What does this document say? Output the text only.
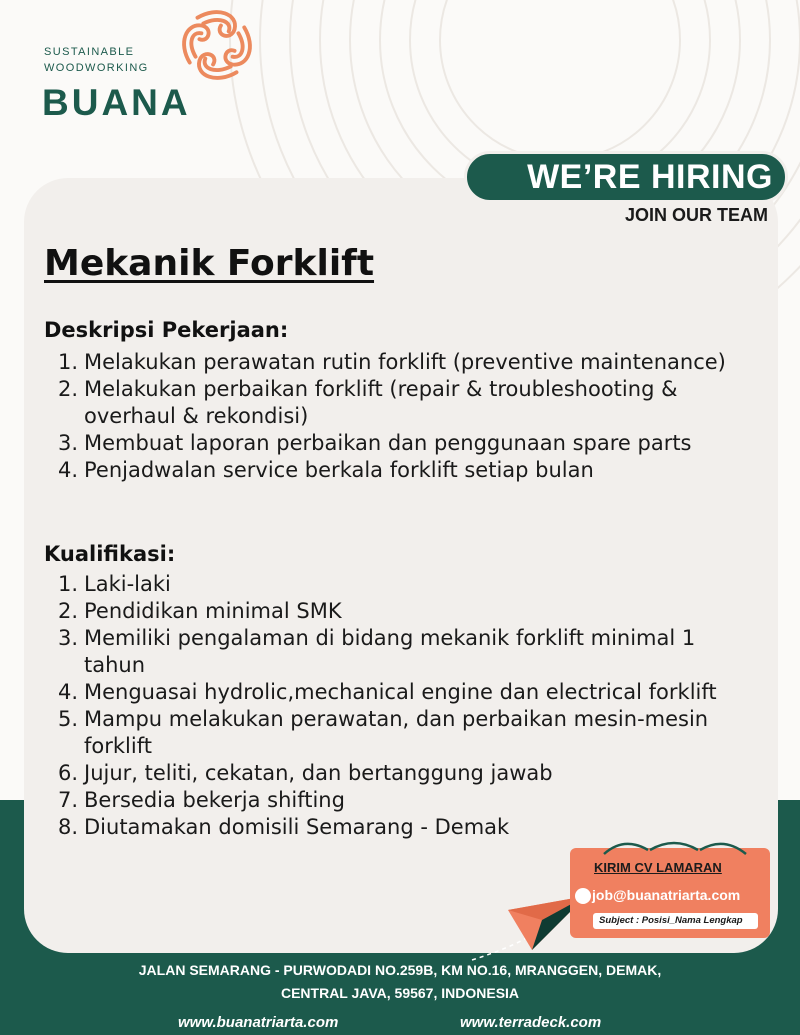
SUSTAINABLE
WOODWORKING
BUANA
WE’RE HIRING
JOIN OUR TEAM
Mekanik Forklift
Deskripsi Pekerjaan:
1. Melakukan perawatan rutin forklift (preventive maintenance)
2. Melakukan perbaikan forklift (repair & troubleshooting & overhaul & rekondisi)
3. Membuat laporan perbaikan dan penggunaan spare parts
4. Penjadwalan service berkala forklift setiap bulan
Kualifikasi:
1. Laki-laki
2. Pendidikan minimal SMK
3. Memiliki pengalaman di bidang mekanik forklift minimal 1 tahun
4. Menguasai hydrolic,mechanical engine dan electrical forklift
5. Mampu melakukan perawatan, dan perbaikan mesin-mesin forklift
6. Jujur, teliti, cekatan, dan bertanggung jawab
7. Bersedia bekerja shifting
8. Diutamakan domisili Semarang - Demak
KIRIM CV LAMARAN
job@buanatriarta.com
Subject : Posisi_Nama Lengkap
JALAN SEMARANG - PURWODADI NO.259B, KM NO.16, MRANGGEN, DEMAK,
CENTRAL JAVA, 59567, INDONESIA
www.buanatriarta.com	www.terradeck.com
